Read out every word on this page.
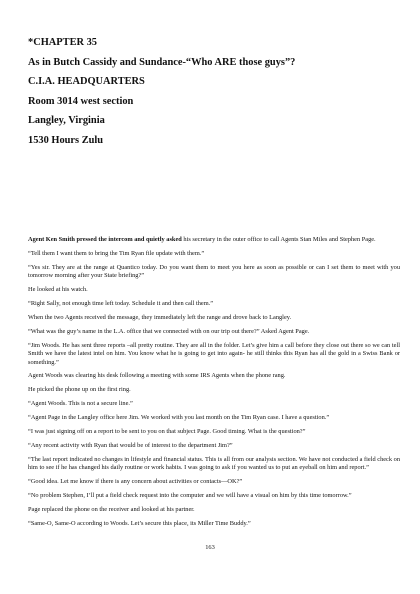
*CHAPTER 35
As in Butch Cassidy and Sundance-“Who ARE those guys”?
C.I.A. HEADQUARTERS
Room 3014 west section
Langley, Virginia
1530 Hours Zulu
Agent Ken Smith pressed the intercom and quietly asked his secretary in the outer office to call Agents Stan Miles and Stephen Page.
“Tell them I want them to bring the Tim Ryan file update with them.”
“Yes sir. They are at the range at Quantico today. Do you want them to meet you here as soon as possible or can I set them to meet with you tomorrow morning after your State briefing?”
He looked at his watch.
“Right Sally, not enough time left today. Schedule it and then call them.”
When the two Agents received the message, they immediately left the range and drove back to Langley.
“What was the guy’s name in the L.A. office that we connected with on our trip out there?” Asked Agent Page.
“Jim Woods. He has sent three reports –all pretty routine. They are all in the folder. Let’s give him a call before they close out there so we can tell Smith we have the latest intel on him. You know what he is going to get into again- he still thinks this Ryan has all the gold in a Swiss Bank or something.”
Agent Woods was clearing his desk following a meeting with some IRS Agents when the phone rang.
He picked the phone up on the first ring.
“Agent Woods. This is not a secure line.”
“Agent Page in the Langley office here Jim. We worked with you last month on the Tim Ryan case. I have a question.”
“I was just signing off on a report to be sent to you on that subject Page. Good timing. What is the question?”
“Any recent activity with Ryan that would be of interest to the department Jim?”
“The last report indicated no changes in lifestyle and financial status. This is all from our analysis section. We have not conducted a field check on him to see if he has changed his daily routine or work habits. I was going to ask if you wanted us to put an eyeball on him and report.”
“Good idea. Let me know if there is any concern about activities or contacts—OK?”
“No problem Stephen, I’ll put a field check request into the computer and we will have a visual on him by this time tomorrow.”
Page replaced the phone on the receiver and looked at his partner.
“Same-O, Same-O according to Woods. Let’s secure this place, its Miller Time Buddy.”
163
